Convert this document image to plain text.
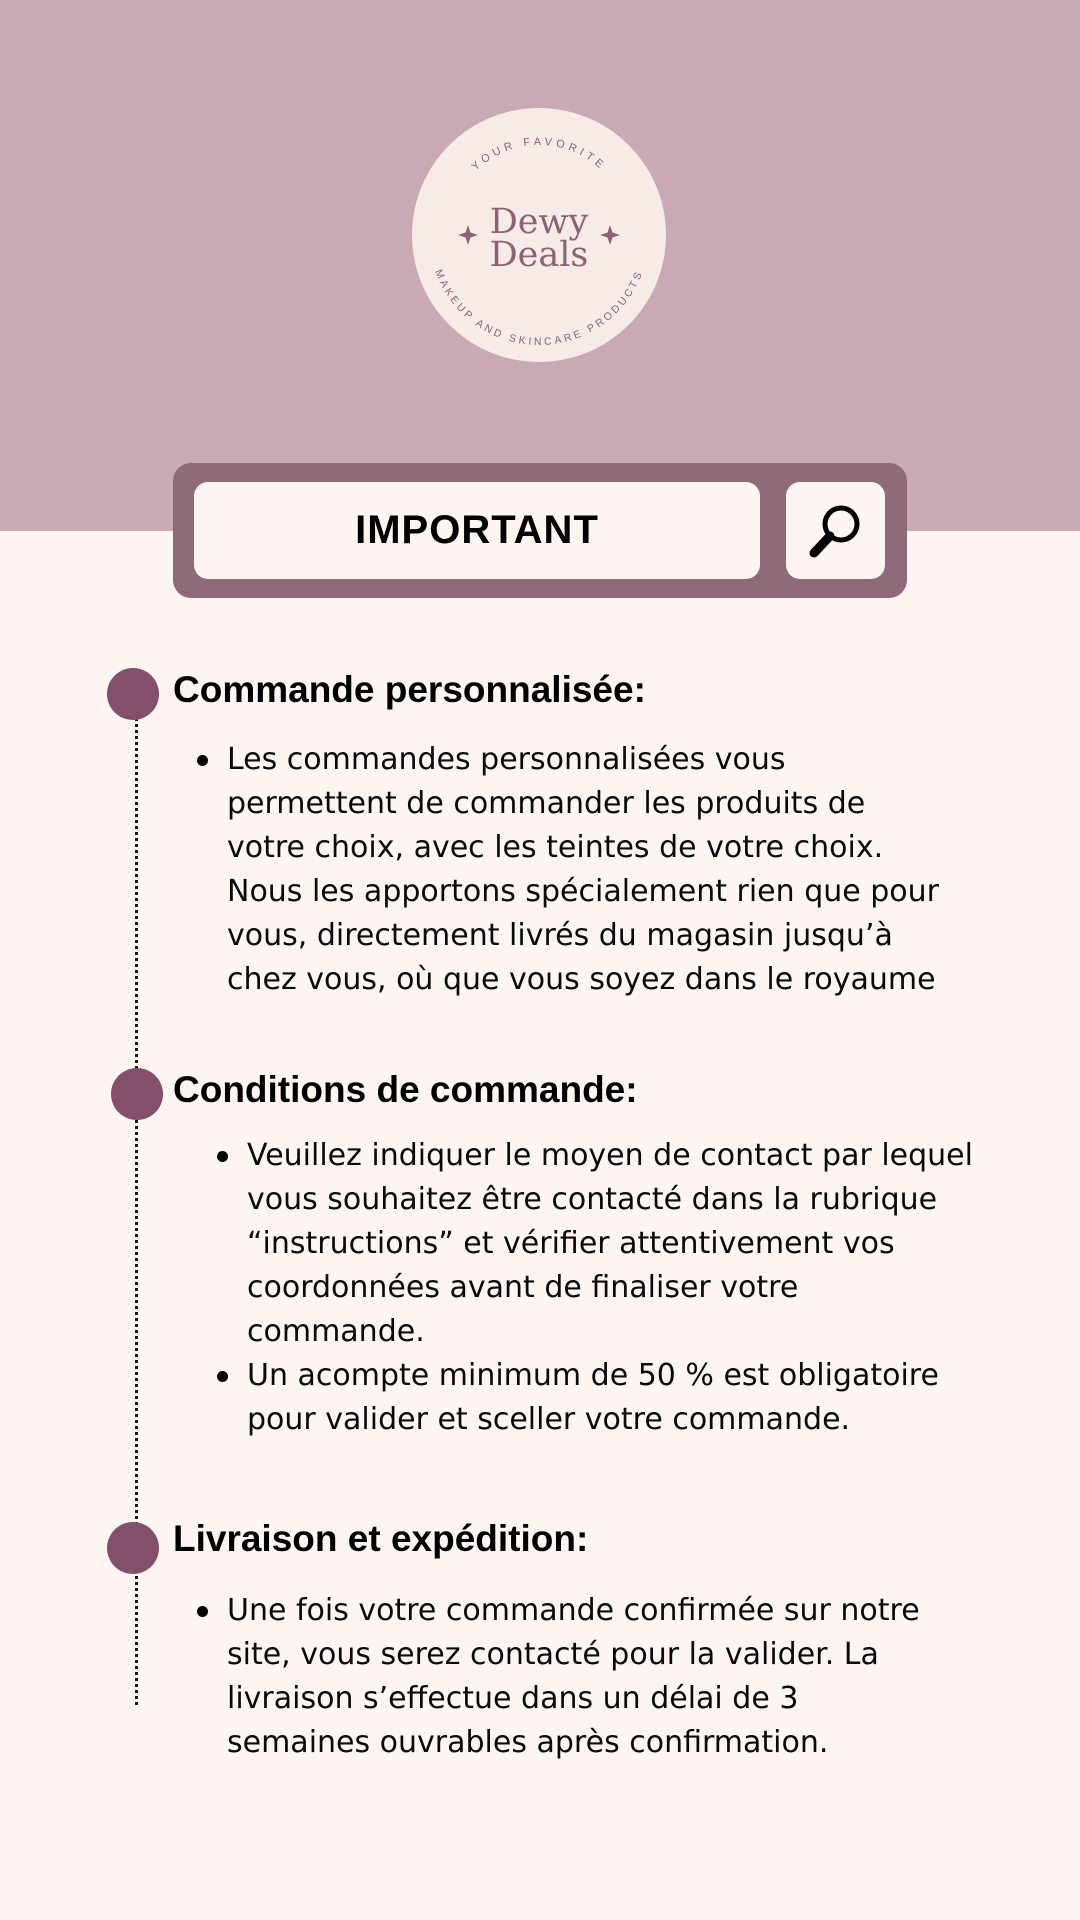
YOUR FAVORITE
MAKEUP AND SKINCARE PRODUCTS
Dewy
Deals
IMPORTANT
Commande personnalisée:
Les commandes personnalisées vous permettent de commander les produits de votre choix, avec les teintes de votre choix. Nous les apportons spécialement rien que pour vous, directement livrés du magasin jusqu’à chez vous, où que vous soyez dans le royaume
Conditions de commande:
Veuillez indiquer le moyen de contact par lequel vous souhaitez être contacté dans la rubrique “instructions” et vérifier attentivement vos coordonnées avant de finaliser votre commande.
Un acompte minimum de 50 % est obligatoire pour valider et sceller votre commande.
Livraison et expédition:
Une fois votre commande confirmée sur notre site, vous serez contacté pour la valider. La livraison s’effectue dans un délai de 3 semaines ouvrables après confirmation.
